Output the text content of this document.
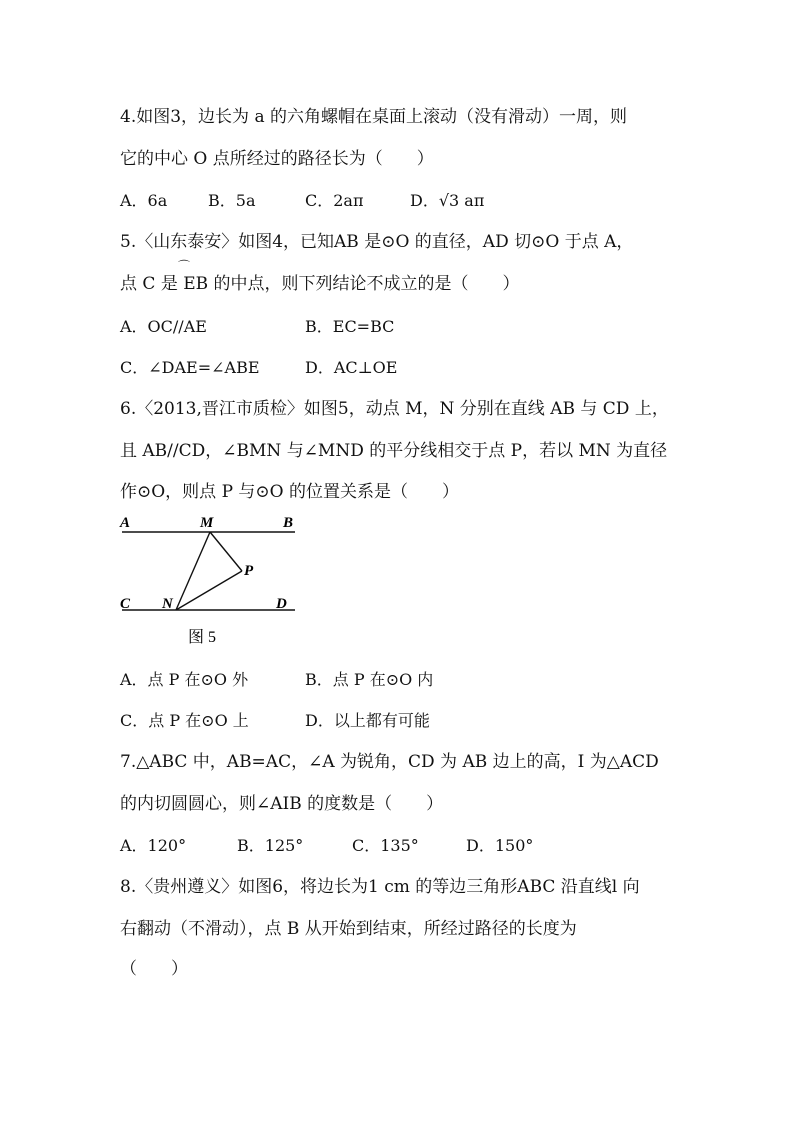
4.如图3，边长为 a 的六角螺帽在桌面上滚动（没有滑动）一周，则
它的中心 O 点所经过的路径长为（　　）
A．6a	B．5a	C．2aπ	D．√3 aπ
5.〈山东泰安〉如图4，已知AB 是⊙O 的直径，AD 切⊙O 于点 A，
⌒
点 C 是 EB 的中点，则下列结论不成立的是（　　）
A．OC//AE	B．EC=BC
C．∠DAE=∠ABE	D．AC⊥OE
6.〈2013,晋江市质检〉如图5，动点 M，N 分别在直线 AB 与 CD 上，
且 AB//CD，∠BMN 与∠MND 的平分线相交于点 P，若以 MN 为直径
作⊙O，则点 P 与⊙O 的位置关系是（　　）
A	M	B
P
C N	D
图 5
A．点 P 在⊙O 外	B．点 P 在⊙O 内
C．点 P 在⊙O 上	D．以上都有可能
7.△ABC 中，AB=AC，∠A 为锐角，CD 为 AB 边上的高，I 为△ACD
的内切圆圆心，则∠AIB 的度数是（　　）
A．120°	B．125°	C．135°	D．150°
8.〈贵州遵义〉如图6，将边长为1 cm 的等边三角形ABC 沿直线l 向
右翻动（不滑动），点 B 从开始到结束，所经过路径的长度为
（　　）
